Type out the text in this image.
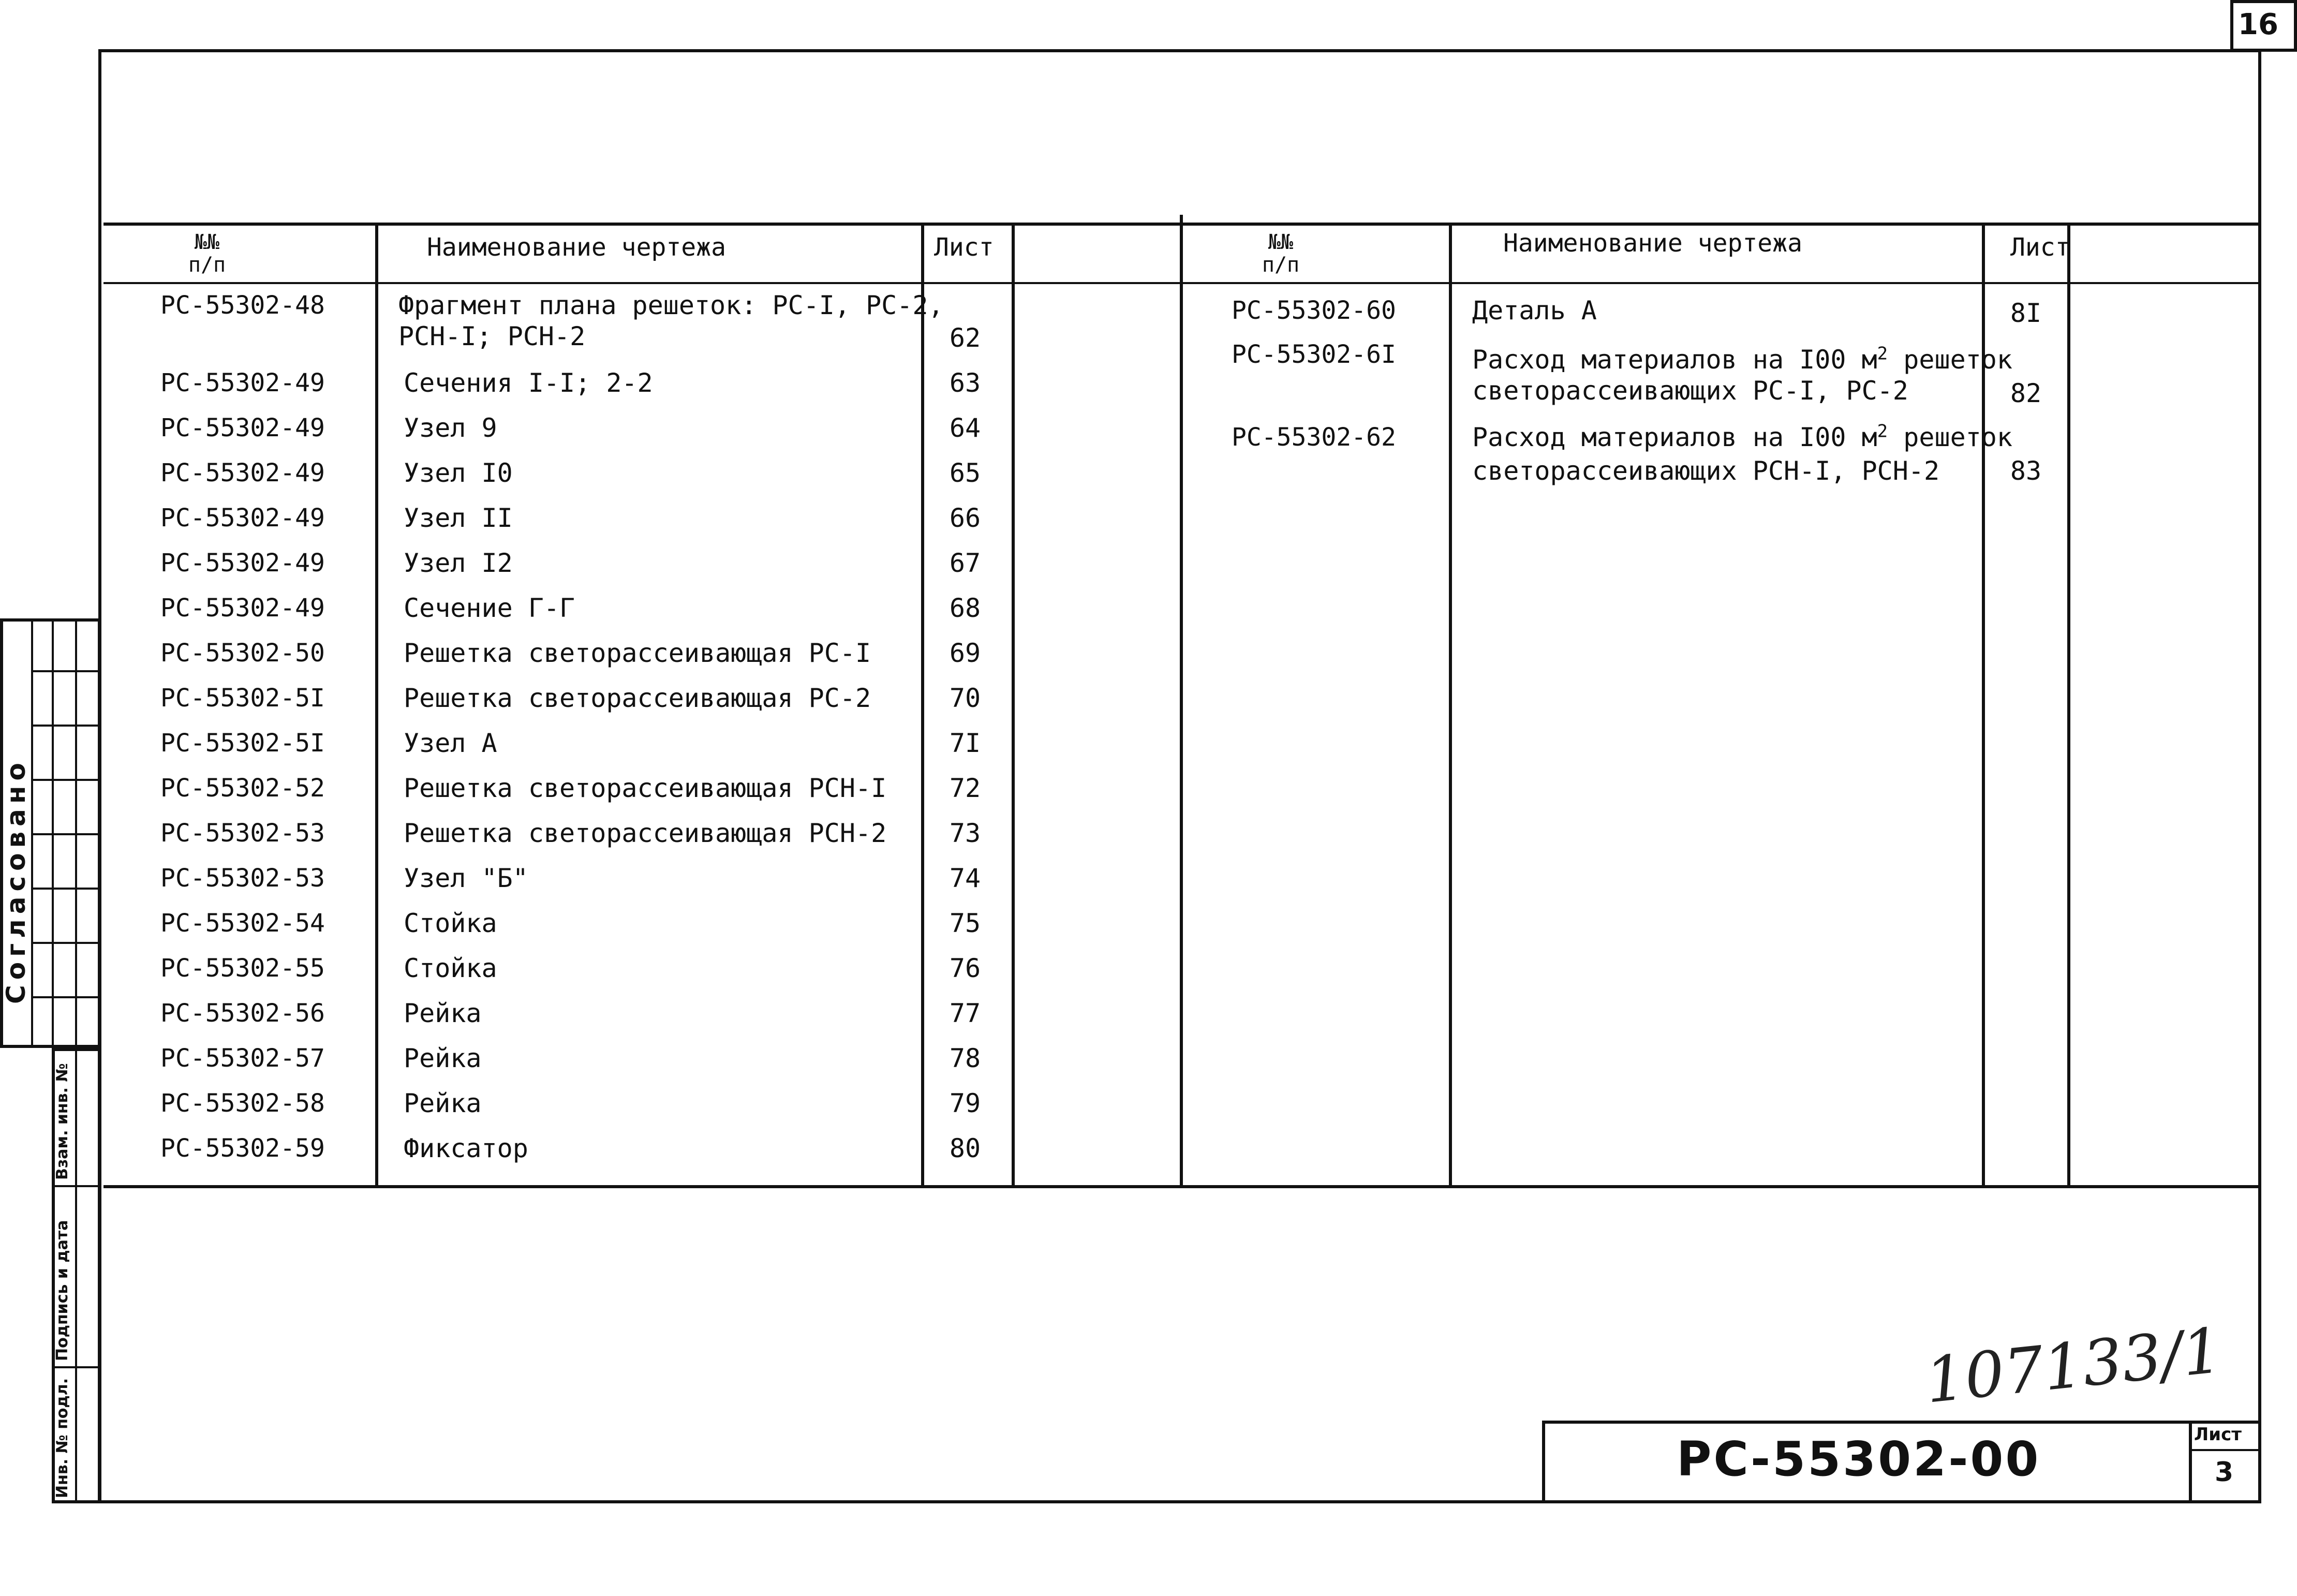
16
№№
п/п
Наименование чертежа	Лист
РС-55302-48	Фрагмент плана решеток: РС-I, РС-2,
РСН-I; РСН-2	62
РС-55302-49	Сечения I-I; 2-2	63
РС-55302-49	Узел 9	64
РС-55302-49	Узел I0	65
РС-55302-49	Узел II	66
РС-55302-49	Узел I2	67
РС-55302-49	Сечение Г-Г	68
РС-55302-50	Решетка светорассеивающая РС-I	69
РС-55302-5I	Решетка светорассеивающая РС-2	70
РС-55302-5I	Узел А	7I
РС-55302-52	Решетка светорассеивающая РСН-I	72
РС-55302-53	Решетка светорассеивающая РСН-2	73
РС-55302-53	Узел "Б"	74
РС-55302-54	Стойка	75
РС-55302-55	Стойка	76
РС-55302-56	Рейка	77
РС-55302-57	Рейка	78
РС-55302-58	Рейка	79
РС-55302-59	Фиксатор	80
№№
п/п
Наименование чертежа	Лист
РС-55302-60	Деталь А	8I
РС-55302-6I	Расход материалов на I00 $м^2$ решеток
светорассеивающих РС-I, РС-2	82
РС-55302-62	Расход материалов на I00 $м^2$ решеток
светорассеивающих РСН-I, РСН-2	83
Согласовано
Взам. инв. №
Подпись и дата
Инв. № подл.	РС-55302-00	Лист
3
107133/1
